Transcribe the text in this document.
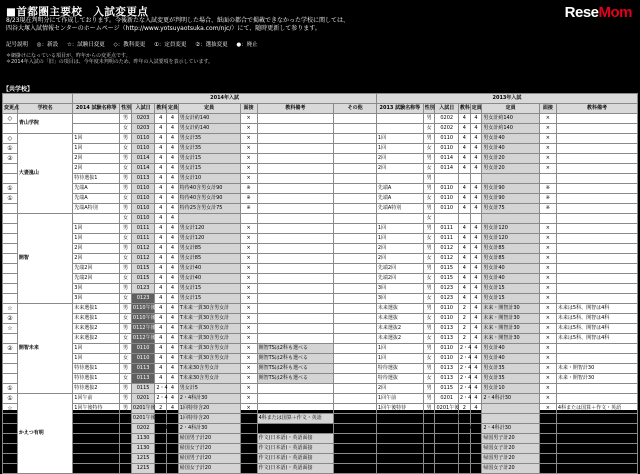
■首都圏主要校　入試変更点
8/23現在判明分にて作成しております。今後新たな入試変更が判明した場合、紙面の都合で掲載できなかった学校に関しては、
四谷大塚入試情報センターのホームページ（http://www.yotsuyaotsuka.com/njc/）にて、随時更新して参ります。
記号説明 ◎：新設 ☆：試験日変更 ◇：教科変更 ①：定員変更 ②：選抜変更 ●：廃止
＊網掛けになっている項目が、昨年からの変更点です。
＊2014年入試の「旧」の項目は、今年度未判明のため、昨年の入試要項を表示しています。
ReseMom
【共学校】
		2014年入試									2013年入試							
変更点	学校名	2014 試験名称等	性別	入試日	教科	定員	定員	面接	教科備考	その他	2013 試験名称等	性別	入試日	教科	定員	定員	面接	教科備考
◇	青山学院		男	0203	4	4	男女計約140	×				男	0202	4	4	男女計約140	×	
			女	0203	4	4	男女計約140	×				女	0202	4	4	男女計約140	×	
◇	大妻嵐山	1回	男	0110	4	4	男女計35	×			1回	男	0110	4	4	男女計40	×	
①		1回	女	0110	4	4	男女計35	×			1回	女	0110	4	4	男女計40	×	
②		2回	男	0114	4	4	男女計15	×			2回	男	0114	4	4	男女計20	×	
		2回	女	0114	4	4	男女計15	×			2回	女	0114	4	4	男女計20	×	
		特待選抜1	男	0113	4	4	男女計10	×				男						
①		先端A	男	0110	4	4	特待40含男女計90	※			先端A	男	0110	4	4	男女計90	※	
①		先端A	女	0110	4	4	特待40含男女計90	※			先端A	女	0110	4	4	男女計90	※	
		先端A特別	男	0110	4	4	特待25含男女計75	※			先端A特別	男	0110	4	4	男女計75	※	
	開智		女	0110	4	4						女						
		1回	男	0111	4	4	男女計120	×			1回	男	0111	4	4	男女計120	×	
		1回	女	0111	4	4	男女計120	×			1回	女	0111	4	4	男女計120	×	
		2回	男	0112	4	4	男女計85	×			2回	男	0112	4	4	男女計85	×	
		2回	女	0112	4	4	男女計85	×			2回	女	0112	4	4	男女計85	×	
		先端2回	男	0115	4	4	男女計40	×			先端2回	男	0115	4	4	男女計40	×	
		先端2回	女	0115	4	4	男女計40	×			先端2回	女	0115	4	4	男女計40	×	
		3回	男	0123	4	4	男女計15	×			3回	男	0123	4	4	男女計15	×	
		3回	女	0123	4	4	男女計15	×			3回	女	0123	4	4	男女計15	×	
☆	開智未来	未来選抜1	男	0110午後	4	4	T未来一貫30含男女計	×			未来選抜	男	0110	2	4	未来・開智計30	×	未来は5科、開智は4科
②		未来選抜1	女	0110午後	4	4	T未来一貫30含男女計	×			未来選抜	女	0110	2	4	未来・開智計30	×	未来は5科、開智は4科
☆		未来選抜2	男	0112午後	4	4	T未来一貫30含男女計	×			未来選抜2	男	0113	2	4	未来・開智計30	×	未来は5科、開智は4科
		未来選抜2	女	0112午後	4	4	T未来一貫30含男女計	×			未来選抜2	女	0113	2	4	未来・開智計30	×	未来は5科、開智は4科
②		1回	男	0110	4	4	T未来一貫30含男女計	×	開智TSは2科も選べる		1回	男	0110	2・4	4	男女計40	×	
		1回	女	0110	4	4	T未来一貫30含男女計	×	開智TSは2科も選べる		1回	女	0110	2・4	4	男女計40	×	
		特待選抜1	男	0113	4	4	T未来30含男女計	×	開智TSは2科も選べる		特待選抜	男	0113	2・4	4	男女計35	×	未来・開智計30
		特待選抜1	女	0113	4	4	T未来30含男女計	×	開智TSは2科も選べる		特待選抜	女	0113	2・4	4	男女計35	×	未来・開智計30
①		特待選抜2	男	0115	2・4	4	男女計5	×			2回	男	0115	2・4	4	男女計10	×	
①	かえつ有明	1回午前	男	0201	2・4	4	2・4科計30	×			1回午前	男	0201	2・4	4	2・4科計30	×	
☆		1回午後特待	男	0201午後	2	4	1回特待含20	×			1回午後特待	男	0201午後	2	4		×	4科または国算＋作文・英語
		1回午後特待	女	0201午後	2	4	1回特待含20	×	4科または国算＋作文・英語		1回午後特待	女	0201午後	2	4		×	4科または国算＋作文・英語
②		2回午前	男	0202	2・4	4	2・4科計30	×			2回午前	男	0202	2・4	4	2・4科計30	×	
		帰国A1	男	1130	国	1	帰国男子計20	○	作文(日本語)・英語面接		帰国A1	男	1130	国	1	帰国男子計20	○	作文(日本語)・英語
		帰国A1	女	1130	国	1	帰国女子計20	○	作文(日本語)・英語面接		帰国A1	女	1130	国	1	帰国女子計20	○	作文(日本語)・英語
		帰国A2-1回	男	1215	国	1	帰国男子計20	○	作文(日本語)・英語面接		帰国A2	男	1215	国	1	帰国男子計20	○	作文(日本語)・英語
		帰国A2-1回	女	1215	国	1	帰国女子計20	○	作文(日本語)・英語面接		帰国A2	女	1215	国	1	帰国女子計20	○	作文(日本語)・英語
